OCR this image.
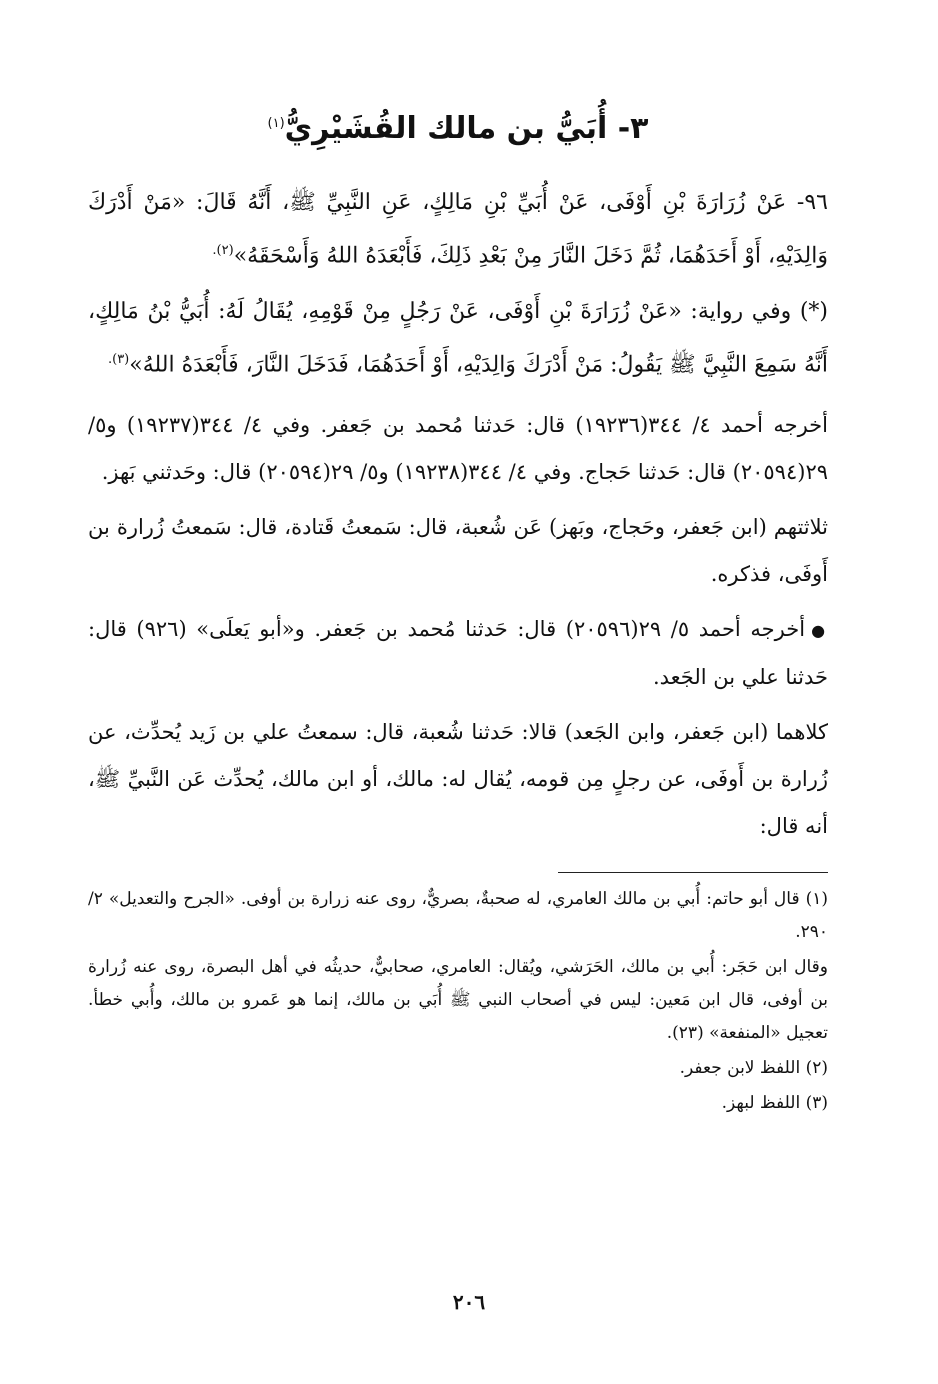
٣- أُبَيُّ بن مالك القُشَيْرِيُّ$^{(١)}$

٩٦- عَنْ زُرَارَةَ بْنِ أَوْفَى، عَنْ أُبَيِّ بْنِ مَالِكٍ، عَنِ النَّبِيِّ ﷺ، أَنَّهُ قَالَ: «مَنْ أَدْرَكَ وَالِدَيْهِ، أَوْ أَحَدَهُمَا، ثُمَّ دَخَلَ النَّارَ مِنْ بَعْدِ ذَلِكَ، فَأَبْعَدَهُ اللهُ وَأَسْحَقَهُ»$^{(٢).}$

(*) وفي رواية: «عَنْ زُرَارَةَ بْنِ أَوْفَى، عَنْ رَجُلٍ مِنْ قَوْمِهِ، يُقَالُ لَهُ: أُبَيُّ بْنُ مَالِكٍ، أَنَّهُ سَمِعَ النَّبِيَّ ﷺ يَقُولُ: مَنْ أَدْرَكَ وَالِدَيْهِ، أَوْ أَحَدَهُمَا، فَدَخَلَ النَّارَ، فَأَبْعَدَهُ اللهُ»$^{(٣).}$

أخرجه أحمد ٤/ ٣٤٤(١٩٢٣٦) قال: حَدثنا مُحمد بن جَعفر. وفي ٤/ ٣٤٤(١٩٢٣٧) و٥/ ٢٩(٢٠٥٩٤) قال: حَدثنا حَجاج. وفي ٤/ ٣٤٤(١٩٢٣٨) و٥/ ٢٩(٢٠٥٩٤) قال: وحَدثني بَهز.

ثلاثتهم (ابن جَعفر، وحَجاج، وبَهز) عَن شُعبة، قال: سَمعتُ قَتادة، قال: سَمعتُ زُرارة بن أَوفَى، فذكره.

●أخرجه أحمد ٥/ ٢٩(٢٠٥٩٦) قال: حَدثنا مُحمد بن جَعفر. و«أبو يَعلَى» (٩٢٦) قال: حَدثنا علي بن الجَعد.

كلاهما (ابن جَعفر، وابن الجَعد) قالا: حَدثنا شُعبة، قال: سمعتُ علي بن زَيد يُحدِّث، عن زُرارة بن أَوفَى، عن رجلٍ مِن قومه، يُقال له: مالك، أو ابن مالك، يُحدِّث عَن النَّبيِّ ﷺ، أنه قال:

(١) قال أبو حاتم: أُبي بن مالك العامري، له صحبةٌ، بصريٌّ، روى عنه زرارة بن أوفى. «الجرح والتعديل» ٢/ ٢٩٠.

وقال ابن حَجَر: أُبي بن مالك، الحَرَشي، ويُقال: العامري، صحابيٌّ، حديثُه في أهل البصرة، روى عنه زُرارة بن أوفى، قال ابن مَعين: ليس في أصحاب النبي ﷺ أُبَي بن مالك، إنما هو عَمرو بن مالك، وأُبي خطأ. تعجيل «المنفعة» (٢٣).

(٢) اللفظ لابن جعفر.

(٣) اللفظ لبهز.

٢٠٦
